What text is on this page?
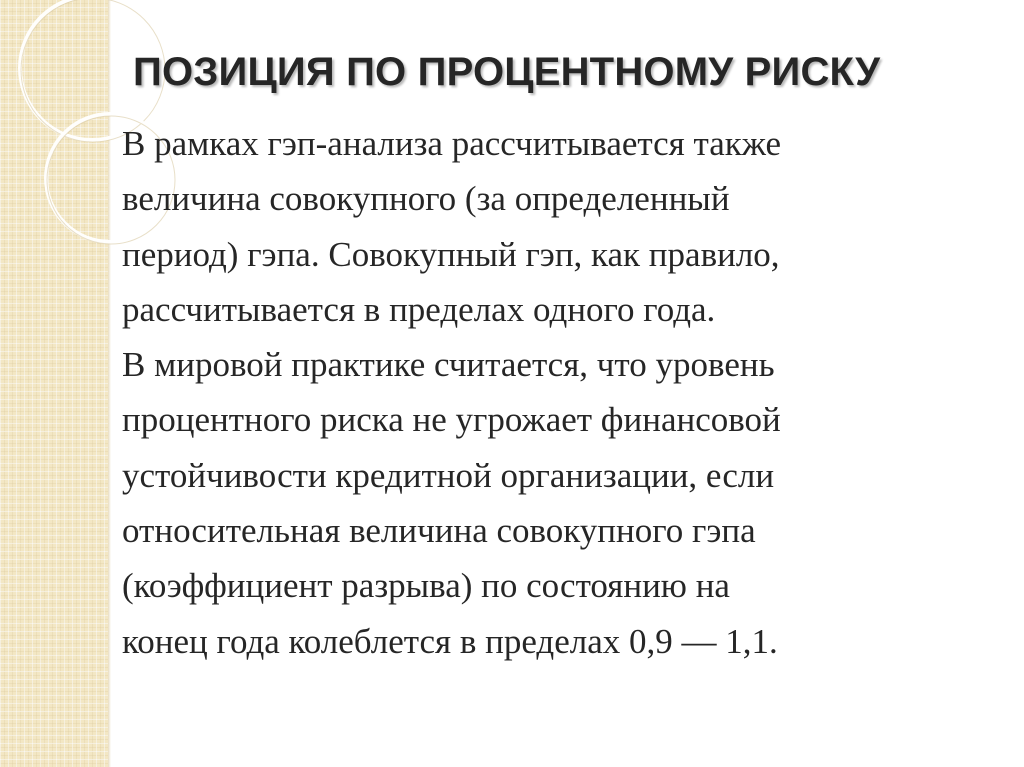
ПОЗИЦИЯ ПО ПРОЦЕНТНОМУ РИСКУ
В рамках гэп-анализа рассчитывается также
величина совокупного (за определенный
период) гэпа. Совокупный гэп, как правило,
рассчитывается в пределах одного года.
В мировой практике считается, что уровень
процентного риска не угрожает финансовой
устойчивости кредитной организации, если
относительная величина совокупного гэпа
(коэффициент разрыва) по состоянию на
конец года колеблется в пределах 0,9 — 1,1.
